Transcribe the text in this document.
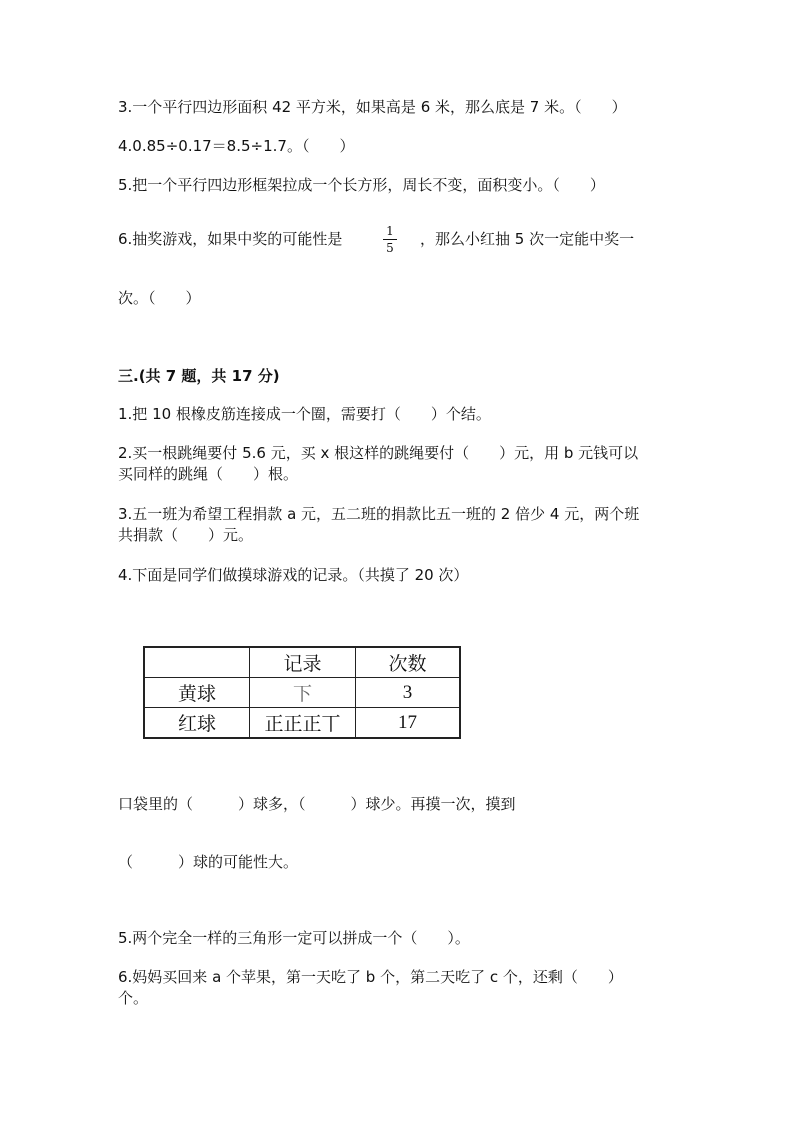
3.一个平行四边形面积 42 平方米，如果高是 6 米，那么底是 7 米。（　　）
4.0.85÷0.17＝8.5÷1.7。（　　）
5.把一个平行四边形框架拉成一个长方形，周长不变，面积变小。（　　）
6.抽奖游戏，如果中奖的可能性是	1
5 ，那么小红抽 5 次一定能中奖一
次。（　　）
三.(共 7 题，共 17 分)
1.把 10 根橡皮筋连接成一个圈，需要打（　　）个结。
2.买一根跳绳要付 5.6 元，买 x 根这样的跳绳要付（　　）元，用 b 元钱可以
买同样的跳绳（　　）根。
3.五一班为希望工程捐款 a 元，五二班的捐款比五一班的 2 倍少 4 元，两个班
共捐款（　　）元。
4.下面是同学们做摸球游戏的记录。（共摸了 20 次）
	记录	次数
黄球	下	3
红球	正正正丅	17
口袋里的（　　　）球多，（　　　）球少。再摸一次，摸到
（　　　）球的可能性大。
5.两个完全一样的三角形一定可以拼成一个（　　）。
6.妈妈买回来 a 个苹果，第一天吃了 b 个，第二天吃了 c 个，还剩（　　）
个。
